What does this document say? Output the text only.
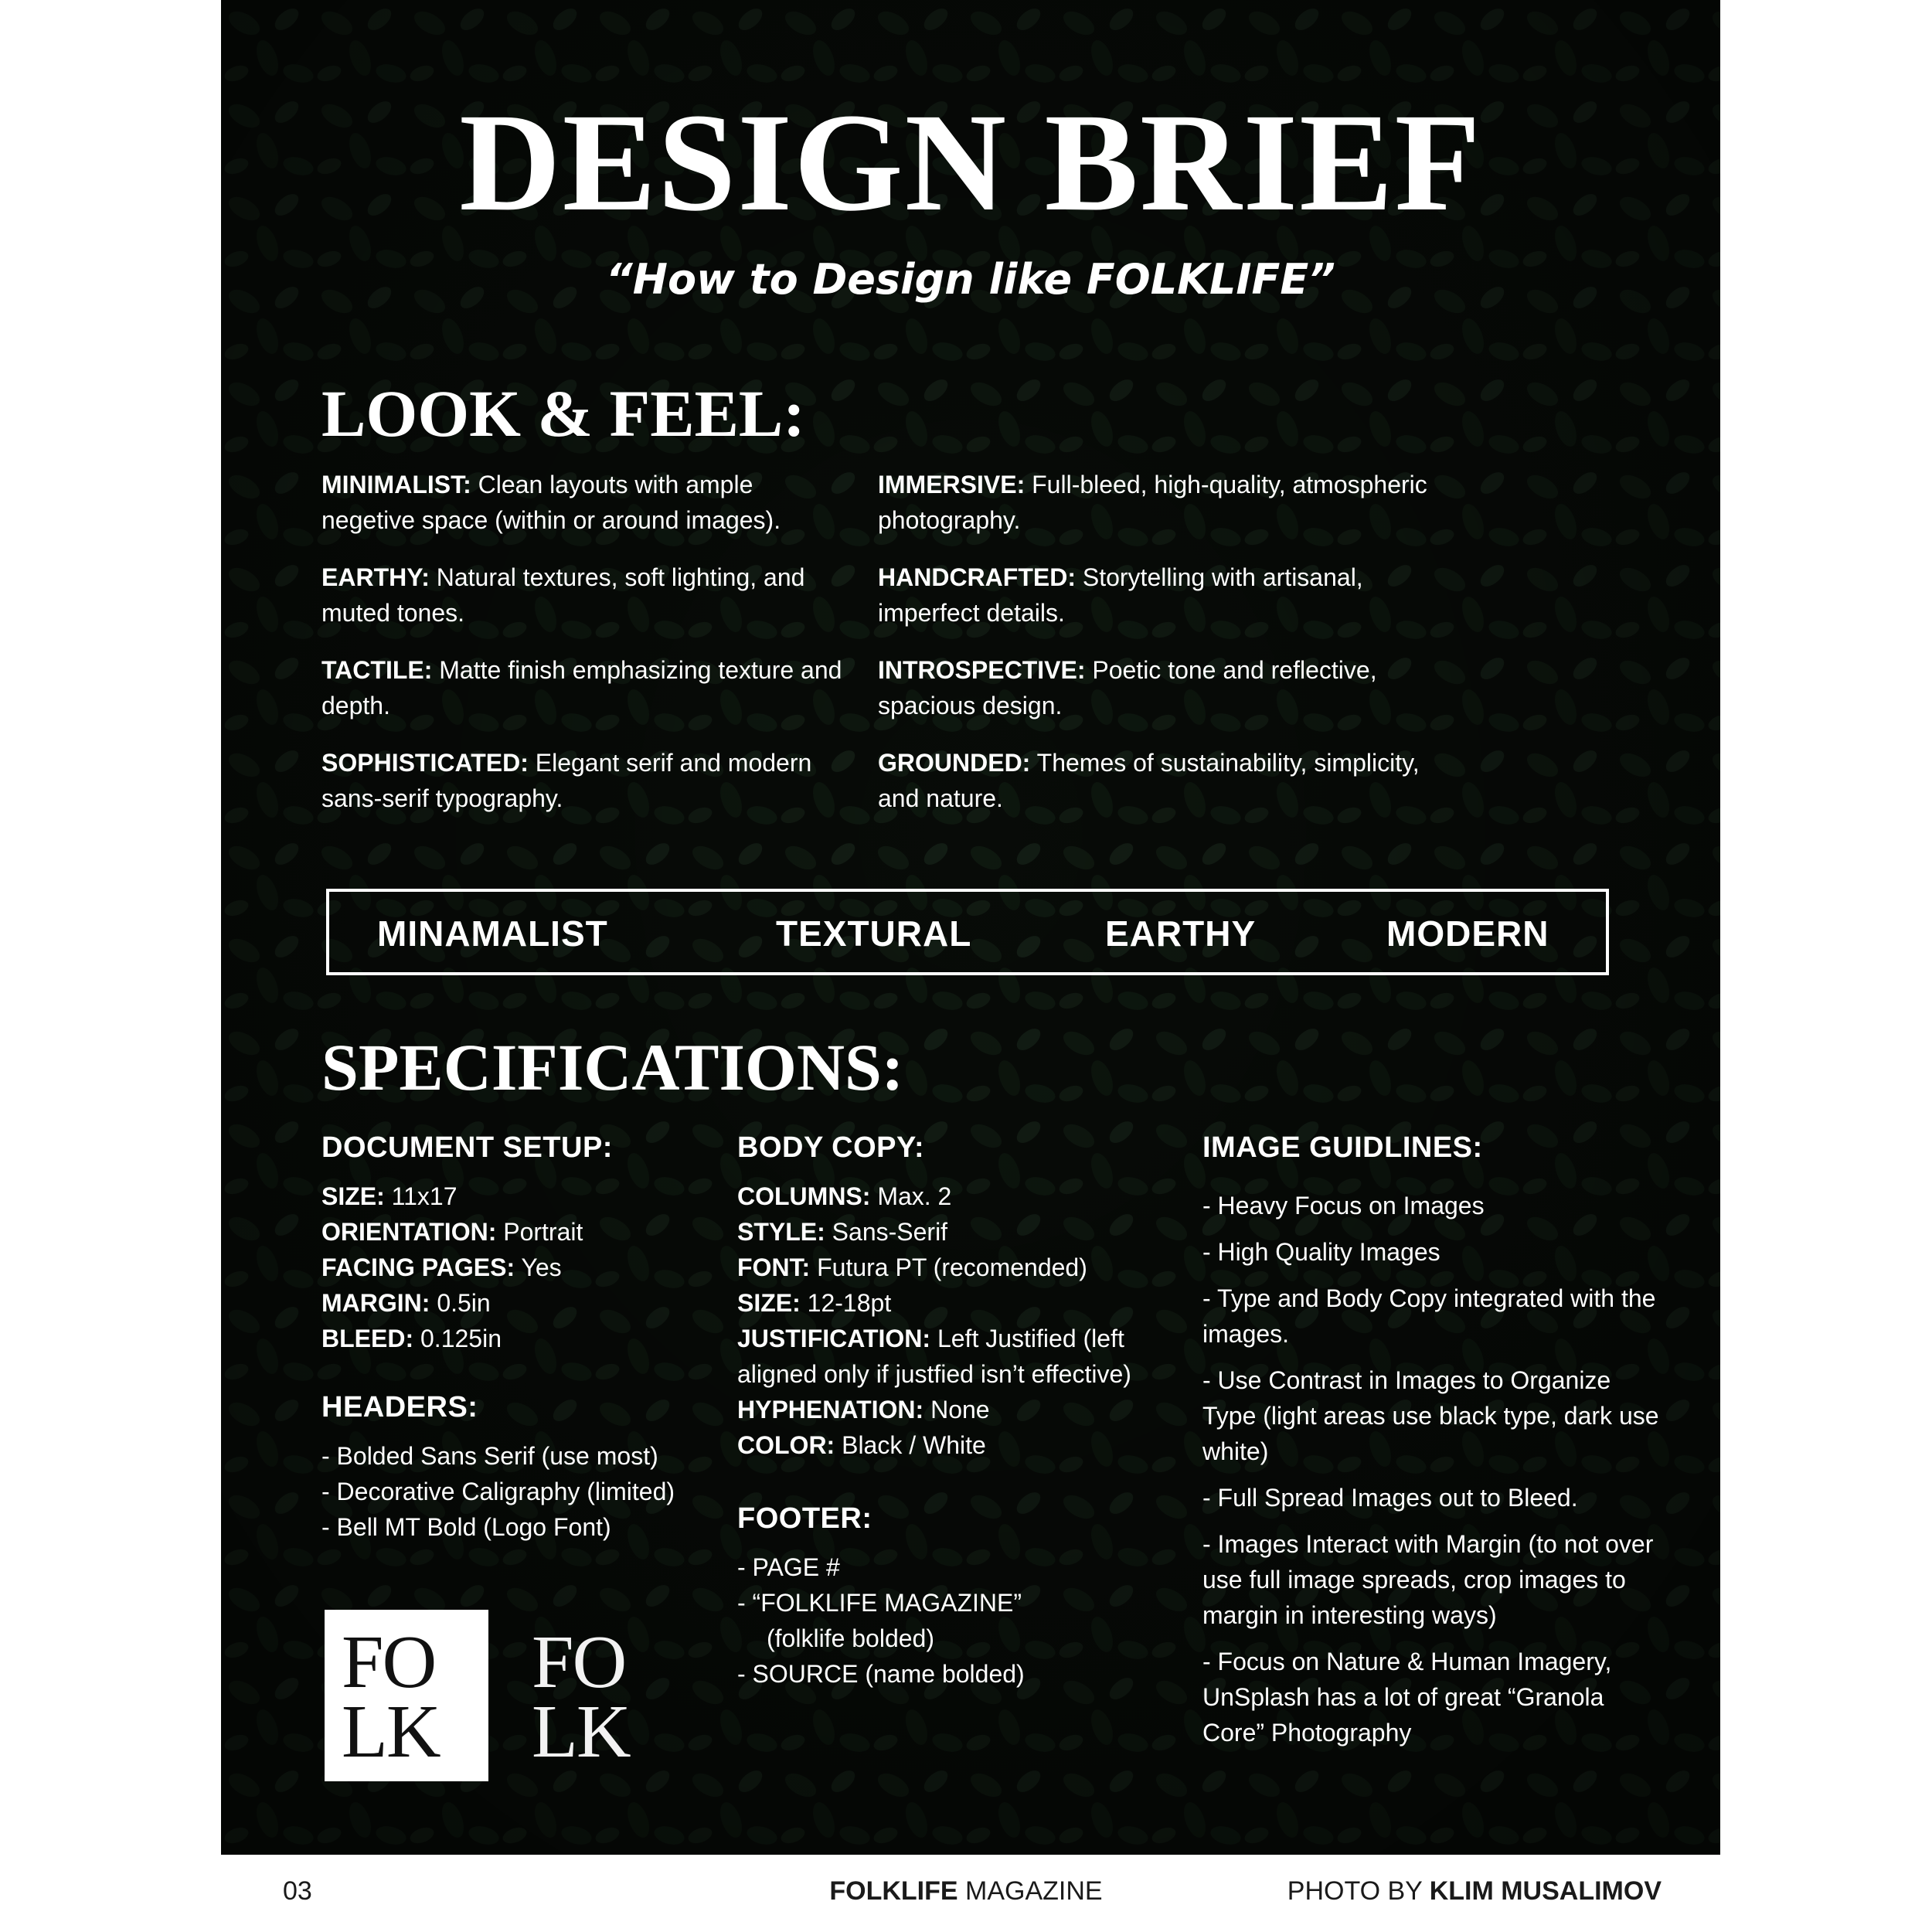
DESIGN BRIEF
“How to Design like FOLKLIFE”
LOOK & FEEL:
MINIMALIST: Clean layouts with ample negetive space (within or around images).
EARTHY: Natural textures, soft lighting, and muted tones.
TACTILE: Matte finish emphasizing texture and depth.
SOPHISTICATED: Elegant serif and modern sans-serif typography.
IMMERSIVE: Full-bleed, high-quality, atmospheric photography.
HANDCRAFTED: Storytelling with artisanal, imperfect details.
INTROSPECTIVE: Poetic tone and reflective, spacious design.
GROUNDED: Themes of sustainability, simplicity, and nature.
MINAMALIST	TEXTURAL	EARTHY	MODERN
SPECIFICATIONS:
DOCUMENT SETUP:
SIZE: 11x17
ORIENTATION: Portrait
FACING PAGES: Yes
MARGIN: 0.5in
BLEED: 0.125in
HEADERS:
- Bolded Sans Serif (use most)
- Decorative Caligraphy (limited)
- Bell MT Bold (Logo Font)
FO
LK
FO
LK
BODY COPY:
COLUMNS: Max. 2
STYLE: Sans-Serif
FONT: Futura PT (recomended)
SIZE: 12-18pt
JUSTIFICATION: Left Justified (left aligned only if justfied isn’t effective)
HYPHENATION: None
COLOR: Black / White
FOOTER:
- PAGE #
- “FOLKLIFE MAGAZINE”
(folklife bolded)
- SOURCE (name bolded)
IMAGE GUIDLINES:
- Heavy Focus on Images
- High Quality Images
- Type and Body Copy integrated with the images.
- Use Contrast in Images to Organize Type (light areas use black type, dark use white)
- Full Spread Images out to Bleed.
- Images Interact with Margin (to not over use full image spreads, crop images to margin in interesting ways)
- Focus on Nature & Human Imagery, UnSplash has a lot of great “Granola Core” Photography
03	FOLKLIFE MAGAZINE	PHOTO BY KLIM MUSALIMOV
